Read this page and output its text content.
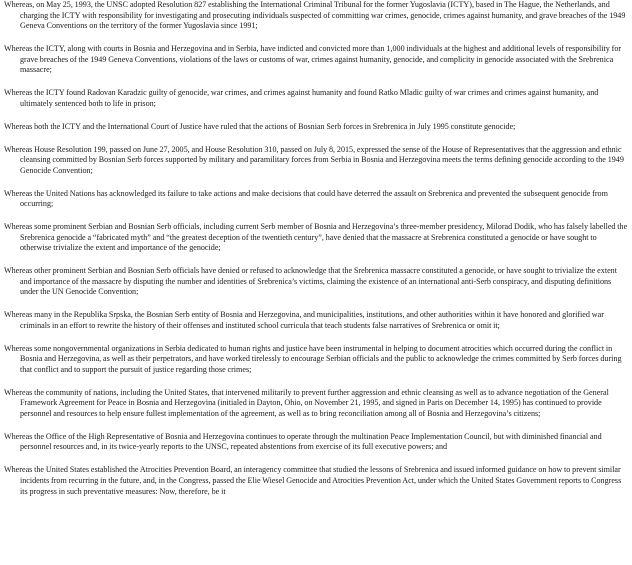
Whereas, on May 25, 1993, the UNSC adopted Resolution 827 establishing the International Criminal Tribunal for the former Yugoslavia (ICTY), based in The Hague, the Netherlands, and charging the ICTY with responsibility for investigating and prosecuting individuals suspected of committing war crimes, genocide, crimes against humanity, and grave breaches of the 1949 Geneva Conventions on the territory of the former Yugoslavia since 1991;

Whereas the ICTY, along with courts in Bosnia and Herzegovina and in Serbia, have indicted and convicted more than 1,000 individuals at the highest and additional levels of responsibility for grave breaches of the 1949 Geneva Conventions, violations of the laws or customs of war, crimes against humanity, genocide, and complicity in genocide associated with the Srebrenica massacre;

Whereas the ICTY found Radovan Karadzic guilty of genocide, war crimes, and crimes against humanity and found Ratko Mladic guilty of war crimes and crimes against humanity, and ultimately sentenced both to life in prison;

Whereas both the ICTY and the International Court of Justice have ruled that the actions of Bosnian Serb forces in Srebrenica in July 1995 constitute genocide;

Whereas House Resolution 199, passed on June 27, 2005, and House Resolution 310, passed on July 8, 2015, expressed the sense of the House of Representatives that the aggression and ethnic cleansing committed by Bosnian Serb forces supported by military and paramilitary forces from Serbia in Bosnia and Herzegovina meets the terms defining genocide according to the 1949 Genocide Convention;

Whereas the United Nations has acknowledged its failure to take actions and make decisions that could have deterred the assault on Srebrenica and prevented the subsequent genocide from occurring;

Whereas some prominent Serbian and Bosnian Serb officials, including current Serb member of Bosnia and Herzegovina’s three-member presidency, Milorad Dodik, who has falsely labelled the Srebrenica genocide a “fabricated myth” and “the greatest deception of the twentieth century”, have denied that the massacre at Srebrenica constituted a genocide or have sought to otherwise trivialize the extent and importance of the genocide;

Whereas other prominent Serbian and Bosnian Serb officials have denied or refused to acknowledge that the Srebrenica massacre constituted a genocide, or have sought to trivialize the extent and importance of the massacre by disputing the number and identities of Srebrenica’s victims, claiming the existence of an international anti-Serb conspiracy, and disputing definitions under the UN Genocide Convention;

Whereas many in the Republika Srpska, the Bosnian Serb entity of Bosnia and Herzegovina, and municipalities, institutions, and other authorities within it have honored and glorified war criminals in an effort to rewrite the history of their offenses and instituted school curricula that teach students false narratives of Srebrenica or omit it;

Whereas some nongovernmental organizations in Serbia dedicated to human rights and justice have been instrumental in helping to document atrocities which occurred during the conflict in Bosnia and Herzegovina, as well as their perpetrators, and have worked tirelessly to encourage Serbian officials and the public to acknowledge the crimes committed by Serb forces during that conflict and to support the pursuit of justice regarding those crimes;

Whereas the community of nations, including the United States, that intervened militarily to prevent further aggression and ethnic cleansing as well as to advance negotiation of the General Framework Agreement for Peace in Bosnia and Herzegovina (initialed in Dayton, Ohio, on November 21, 1995, and signed in Paris on December 14, 1995) has continued to provide personnel and resources to help ensure fullest implementation of the agreement, as well as to bring reconciliation among all of Bosnia and Herzegovina’s citizens;

Whereas the Office of the High Representative of Bosnia and Herzegovina continues to operate through the multination Peace Implementation Council, but with diminished financial and personnel resources and, in its twice-yearly reports to the UNSC, repeated abstentions from exercise of its full executive powers; and

Whereas the United States established the Atrocities Prevention Board, an interagency committee that studied the lessons of Srebrenica and issued informed guidance on how to prevent similar incidents from recurring in the future, and, in the Congress, passed the Elie Wiesel Genocide and Atrocities Prevention Act, under which the United States Government reports to Congress its progress in such preventative measures: Now, therefore, be it
